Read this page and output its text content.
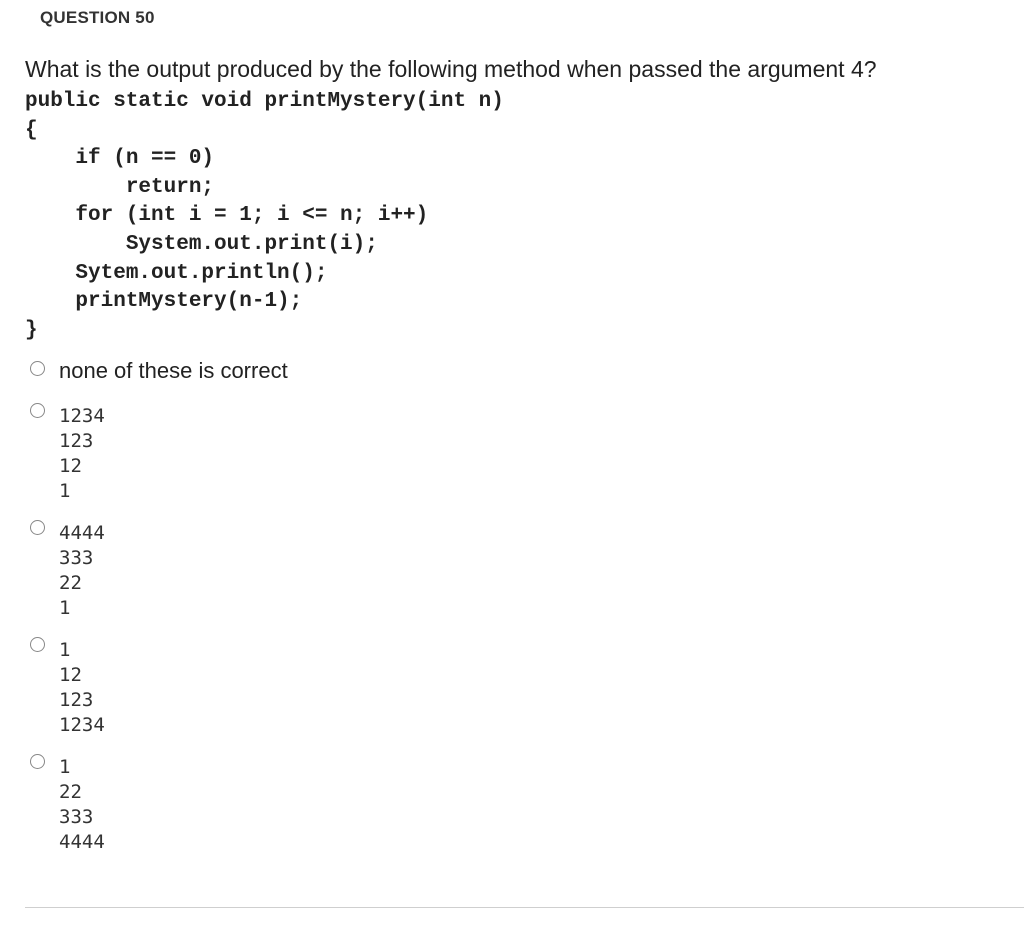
QUESTION 50
What is the output produced by the following method when passed the argument 4?
public static void printMystery(int n)
{
if (n == 0)
return;
for (int i = 1; i <= n; i++)
System.out.print(i);
Sytem.out.println();
printMystery(n-1);
}
none of these is correct
1234
123
12
1
4444
333
22
1
1
12
123
1234
1
22
333
4444
